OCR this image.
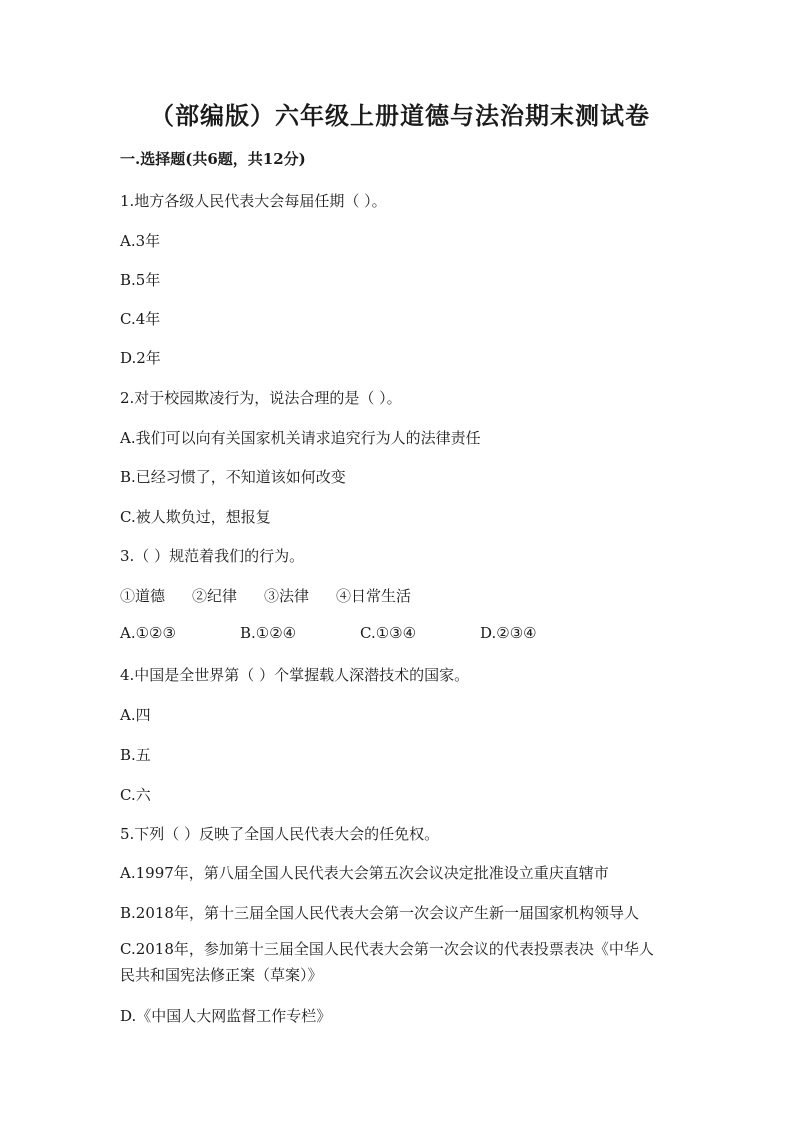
（部编版）六年级上册道德与法治期末测试卷
一.选择题(共6题，共12分)
1.地方各级人民代表大会每届任期（ ）。
A.3年
B.5年
C.4年
D.2年
2.对于校园欺凌行为，说法合理的是（ ）。
A.我们可以向有关国家机关请求追究行为人的法律责任
B.已经习惯了，不知道该如何改变
C.被人欺负过，想报复
3.（ ）规范着我们的行为。
①道德 ②纪律 ③法律 ④日常生活
A.①②③	B.①②④	C.①③④	D.②③④
4.中国是全世界第（ ）个掌握载人深潜技术的国家。
A.四
B.五
C.六
5.下列（ ）反映了全国人民代表大会的任免权。
A.1997年，第八届全国人民代表大会第五次会议决定批准设立重庆直辖市
B.2018年，第十三届全国人民代表大会第一次会议产生新一届国家机构领导人
C.2018年，参加第十三届全国人民代表大会第一次会议的代表投票表决《中华人民共和国宪法修正案（草案）》
D.《中国人大网监督工作专栏》
